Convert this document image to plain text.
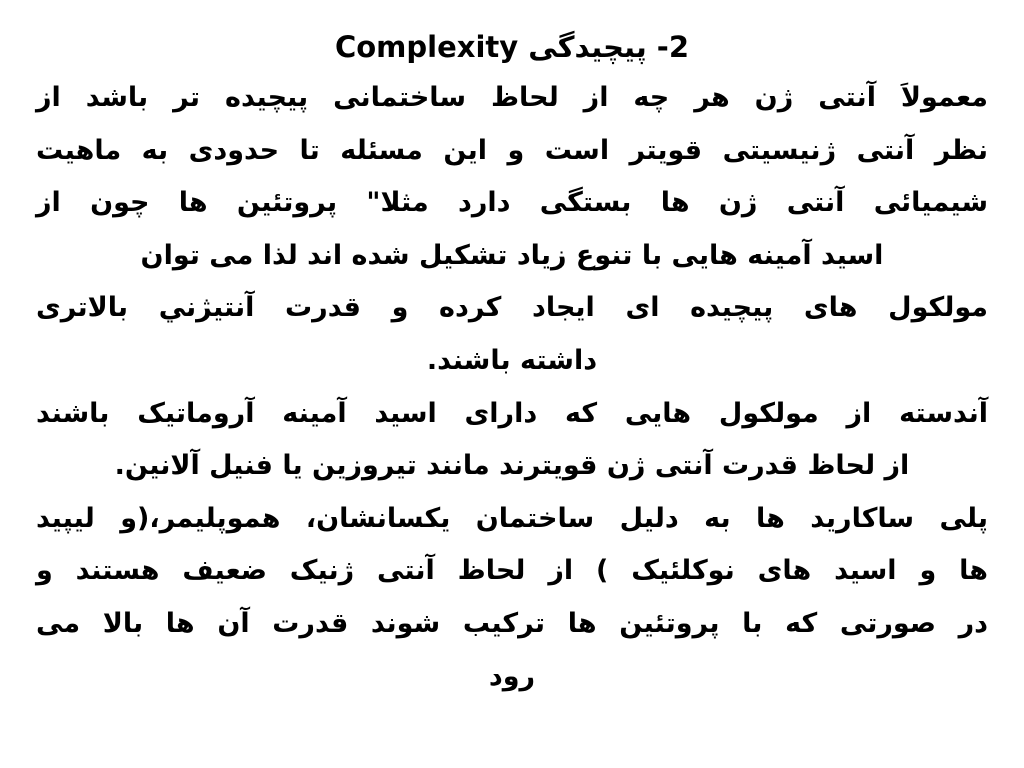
2- پیچیدگی Complexity
معمولاَ آنتی ژن هر چه از لحاظ ساختمانی پیچیده تر باشد از
نظر آنتی ژنیسیتی قویتر است و این مسئله تا حدودی به ماهیت
شیمیائی آنتی ژن ها بستگی دارد مثلا" پروتئین ها چون از
اسید آمینه هایی با تنوع زیاد تشکیل شده اند لذا می توان
مولکول های پیچیده ای ایجاد کرده و قدرت آنتيژني بالاتری
داشته باشند.
آندسته از مولکول هایی که دارای اسید آمینه آروماتیک باشند
از لحاظ قدرت آنتی ژن قویترند مانند تیروزین یا فنیل آلانین.
پلی ساکارید ها به دلیل ساختمان یکسانشان، هموپلیمر،(و لیپید
ها و اسید های نوکلئیک ) از لحاظ آنتی ژنیک ضعیف هستند و
در صورتی که با پروتئین ها ترکیب شوند قدرت آن ها بالا می
رود
